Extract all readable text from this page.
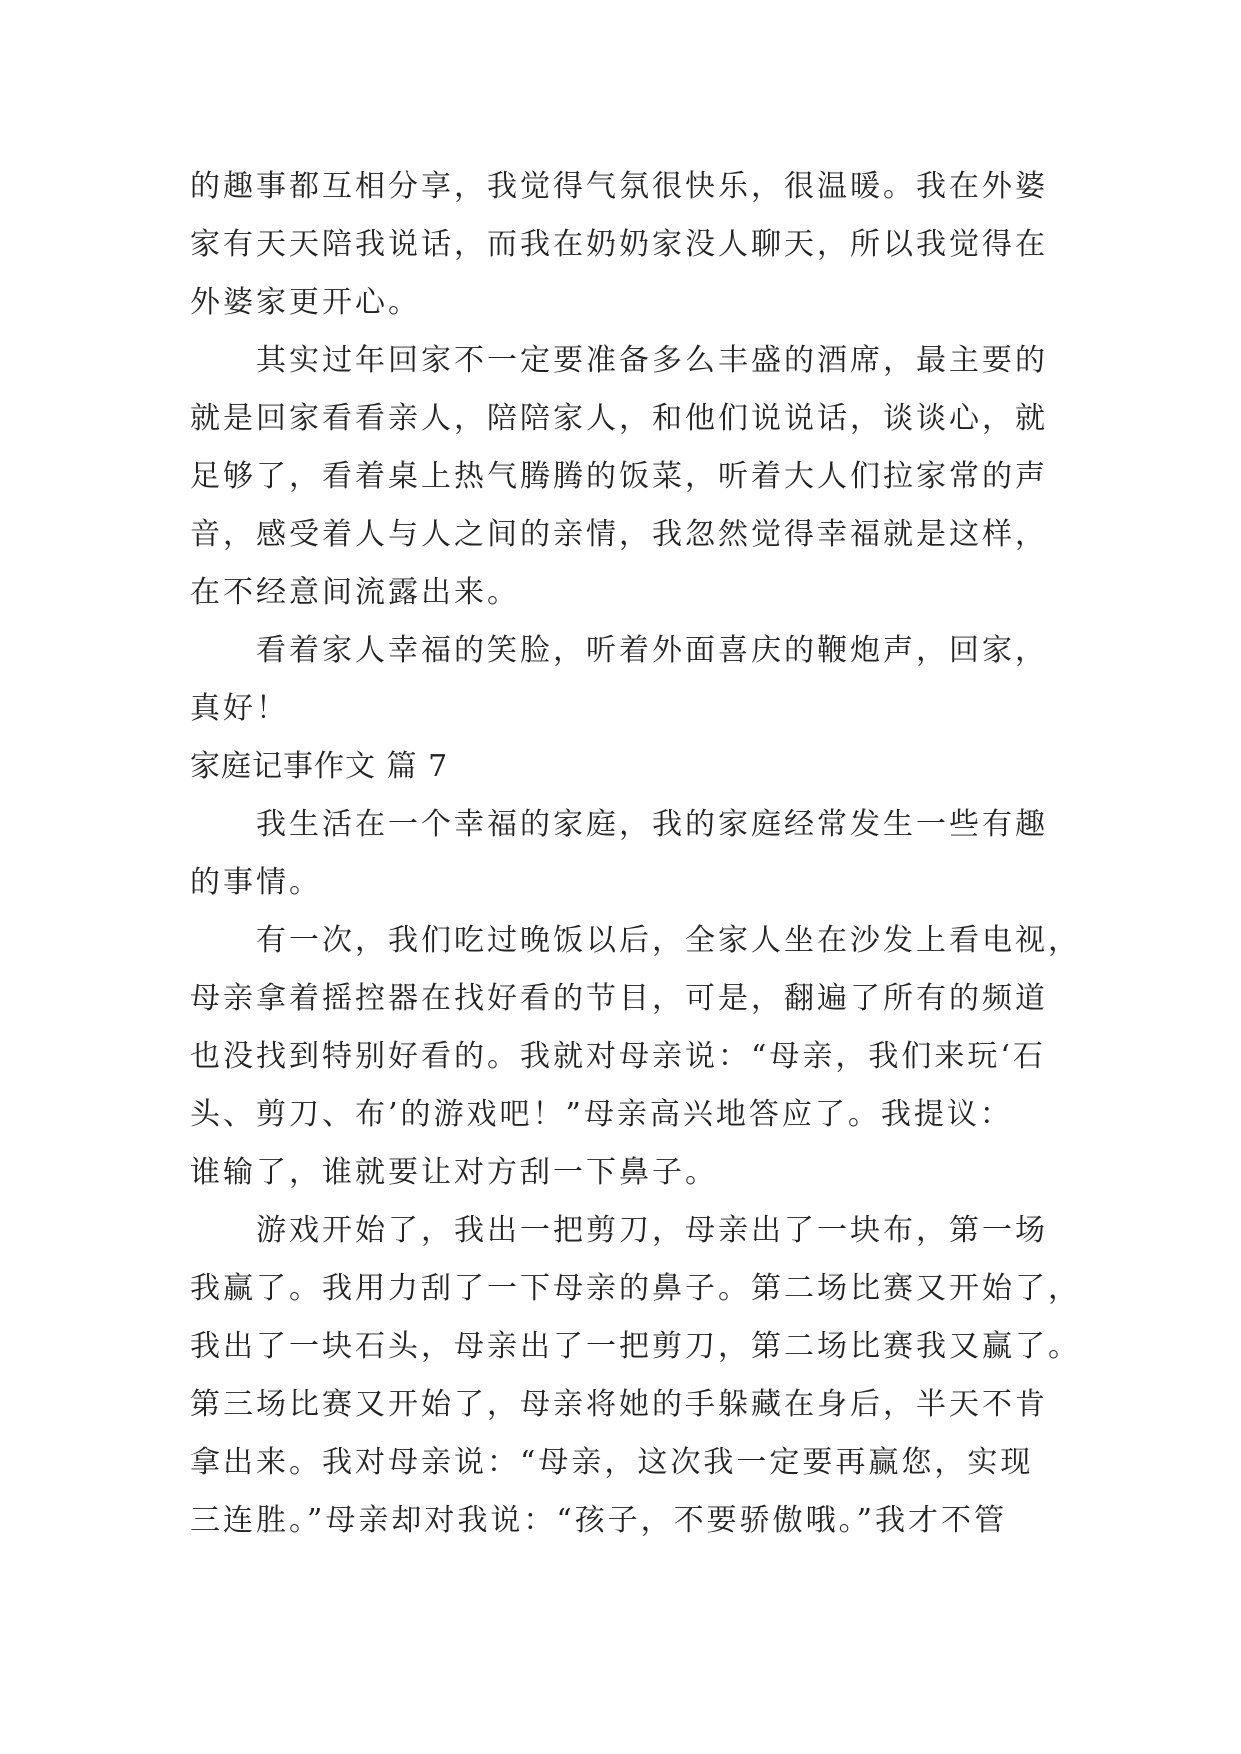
的趣事都互相分享，我觉得气氛很快乐，很温暖。我在外婆
家有天天陪我说话，而我在奶奶家没人聊天，所以我觉得在
外婆家更开心。
其实过年回家不一定要准备多么丰盛的酒席，最主要的
就是回家看看亲人，陪陪家人，和他们说说话，谈谈心，就
足够了，看着桌上热气腾腾的饭菜，听着大人们拉家常的声
音，感受着人与人之间的亲情，我忽然觉得幸福就是这样，
在不经意间流露出来。
看着家人幸福的笑脸，听着外面喜庆的鞭炮声，回家，
真好！
家庭记事作文 篇 7
我生活在一个幸福的家庭，我的家庭经常发生一些有趣
的事情。
有一次，我们吃过晚饭以后，全家人坐在沙发上看电视，
母亲拿着摇控器在找好看的节目，可是，翻遍了所有的频道
也没找到特别好看的。我就对母亲说：“母亲，我们来玩‘石
头、剪刀、布’的游戏吧！”母亲高兴地答应了。我提议：
谁输了，谁就要让对方刮一下鼻子。
游戏开始了，我出一把剪刀，母亲出了一块布，第一场
我赢了。我用力刮了一下母亲的鼻子。第二场比赛又开始了，
我出了一块石头，母亲出了一把剪刀，第二场比赛我又赢了。
第三场比赛又开始了，母亲将她的手躲藏在身后，半天不肯
拿出来。我对母亲说：“母亲，这次我一定要再赢您，实现
三连胜。”母亲却对我说：“孩子，不要骄傲哦。”我才不管
